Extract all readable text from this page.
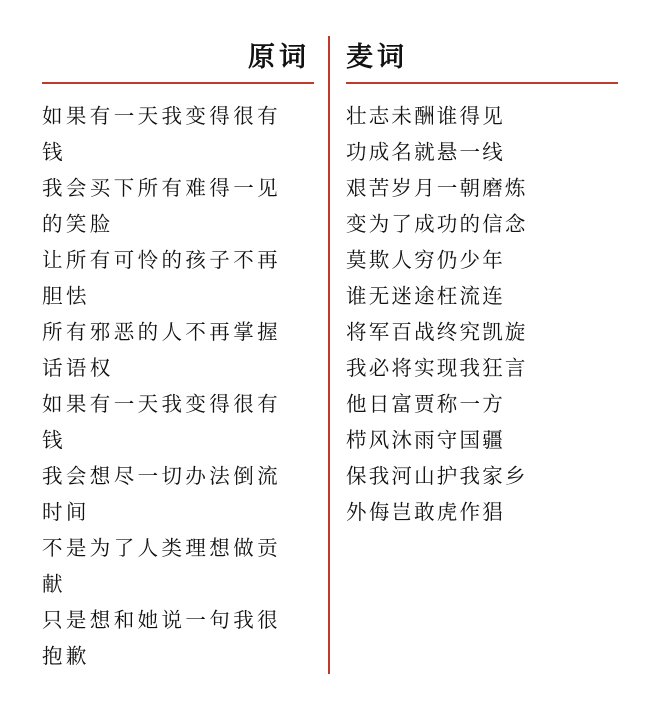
原词
如果有一天我变得很有
钱
我会买下所有难得一见
的笑脸
让所有可怜的孩子不再
胆怯
所有邪恶的人不再掌握
话语权
如果有一天我变得很有
钱
我会想尽一切办法倒流
时间
不是为了人类理想做贡
献
只是想和她说一句我很
抱歉
麦词
壮志未酬谁得见
功成名就悬一线
艰苦岁月一朝磨炼
变为了成功的信念
莫欺人穷仍少年
谁无迷途枉流连
将军百战终究凯旋
我必将实现我狂言
他日富贾称一方
栉风沐雨守国疆
保我河山护我家乡
外侮岂敢虎作猖
